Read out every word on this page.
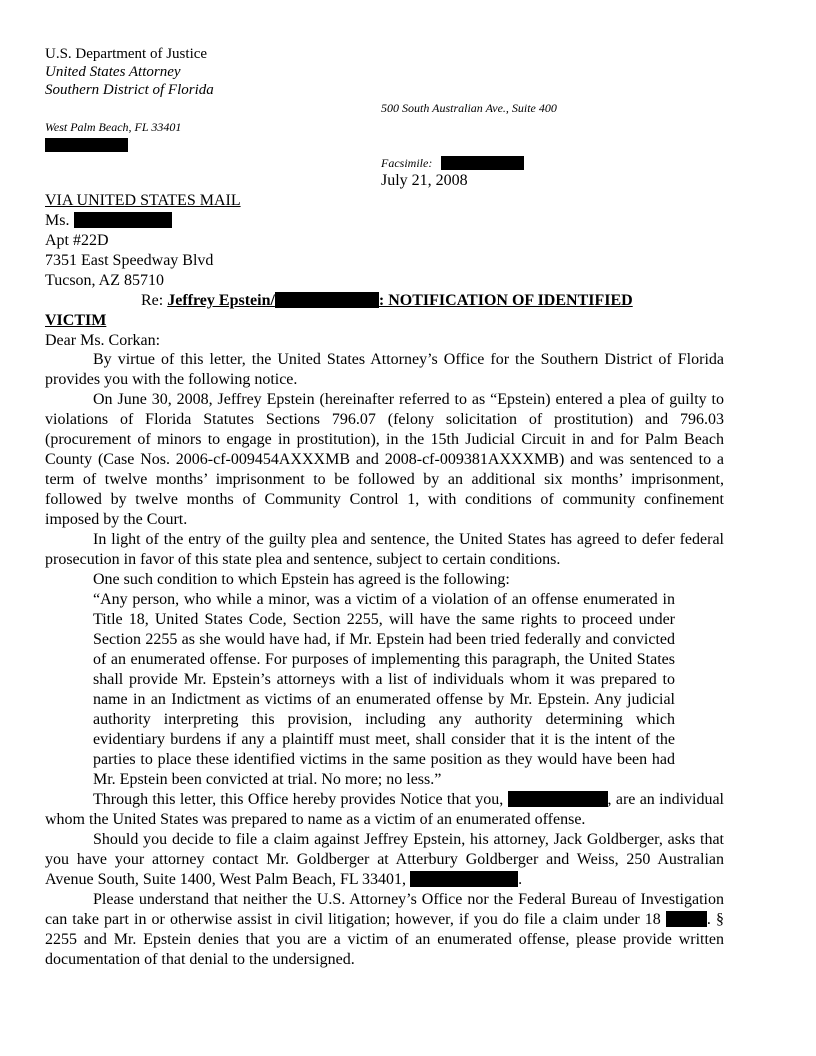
U.S. Department of Justice
United States Attorney
Southern District of Florida
500 South Australian Ave., Suite 400
West Palm Beach, FL 33401
Facsimile:
July 21, 2008
VIA UNITED STATES MAIL
Ms.
Apt #22D
7351 East Speedway Blvd
Tucson, AZ 85710
Re: Jeffrey Epstein/	: NOTIFICATION OF IDENTIFIED
VICTIM
Dear Ms. Corkan:

By virtue of this letter, the United States Attorney’s Office for the Southern District of Florida provides you with the following notice.

On June 30, 2008, Jeffrey Epstein (hereinafter referred to as “Epstein) entered a plea of guilty to violations of Florida Statutes Sections 796.07 (felony solicitation of prostitution) and 796.03 (procurement of minors to engage in prostitution), in the 15th Judicial Circuit in and for Palm Beach County (Case Nos. 2006-cf-009454AXXXMB and 2008-cf-009381AXXXMB) and was sentenced to a term of twelve months’ imprisonment to be followed by an additional six months’ imprisonment, followed by twelve months of Community Control 1, with conditions of community confinement imposed by the Court.

In light of the entry of the guilty plea and sentence, the United States has agreed to defer federal prosecution in favor of this state plea and sentence, subject to certain conditions.

One such condition to which Epstein has agreed is the following:

“Any person, who while a minor, was a victim of a violation of an offense enumerated in Title 18, United States Code, Section 2255, will have the same rights to proceed under Section 2255 as she would have had, if Mr. Epstein had been tried federally and convicted of an enumerated offense. For purposes of implementing this paragraph, the United States shall provide Mr. Epstein’s attorneys with a list of individuals whom it was prepared to name in an Indictment as victims of an enumerated offense by Mr. Epstein. Any judicial authority interpreting this provision, including any authority determining which evidentiary burdens if any a plaintiff must meet, shall consider that it is the intent of the parties to place these identified victims in the same position as they would have been had Mr. Epstein been convicted at trial. No more; no less.”

Through this letter, this Office hereby provides Notice that you,	, are an individual whom the United States was prepared to name as a victim of an enumerated offense.

Should you decide to file a claim against Jeffrey Epstein, his attorney, Jack Goldberger, asks that you have your attorney contact Mr. Goldberger at Atterbury Goldberger and Weiss, 250 Australian Avenue South, Suite 1400, West Palm Beach, FL 33401,	.

Please understand that neither the U.S. Attorney’s Office nor the Federal Bureau of Investigation can take part in or otherwise assist in civil litigation; however, if you do file a claim under 18	. § 2255 and Mr. Epstein denies that you are a victim of an enumerated offense, please provide written documentation of that denial to the undersigned.
